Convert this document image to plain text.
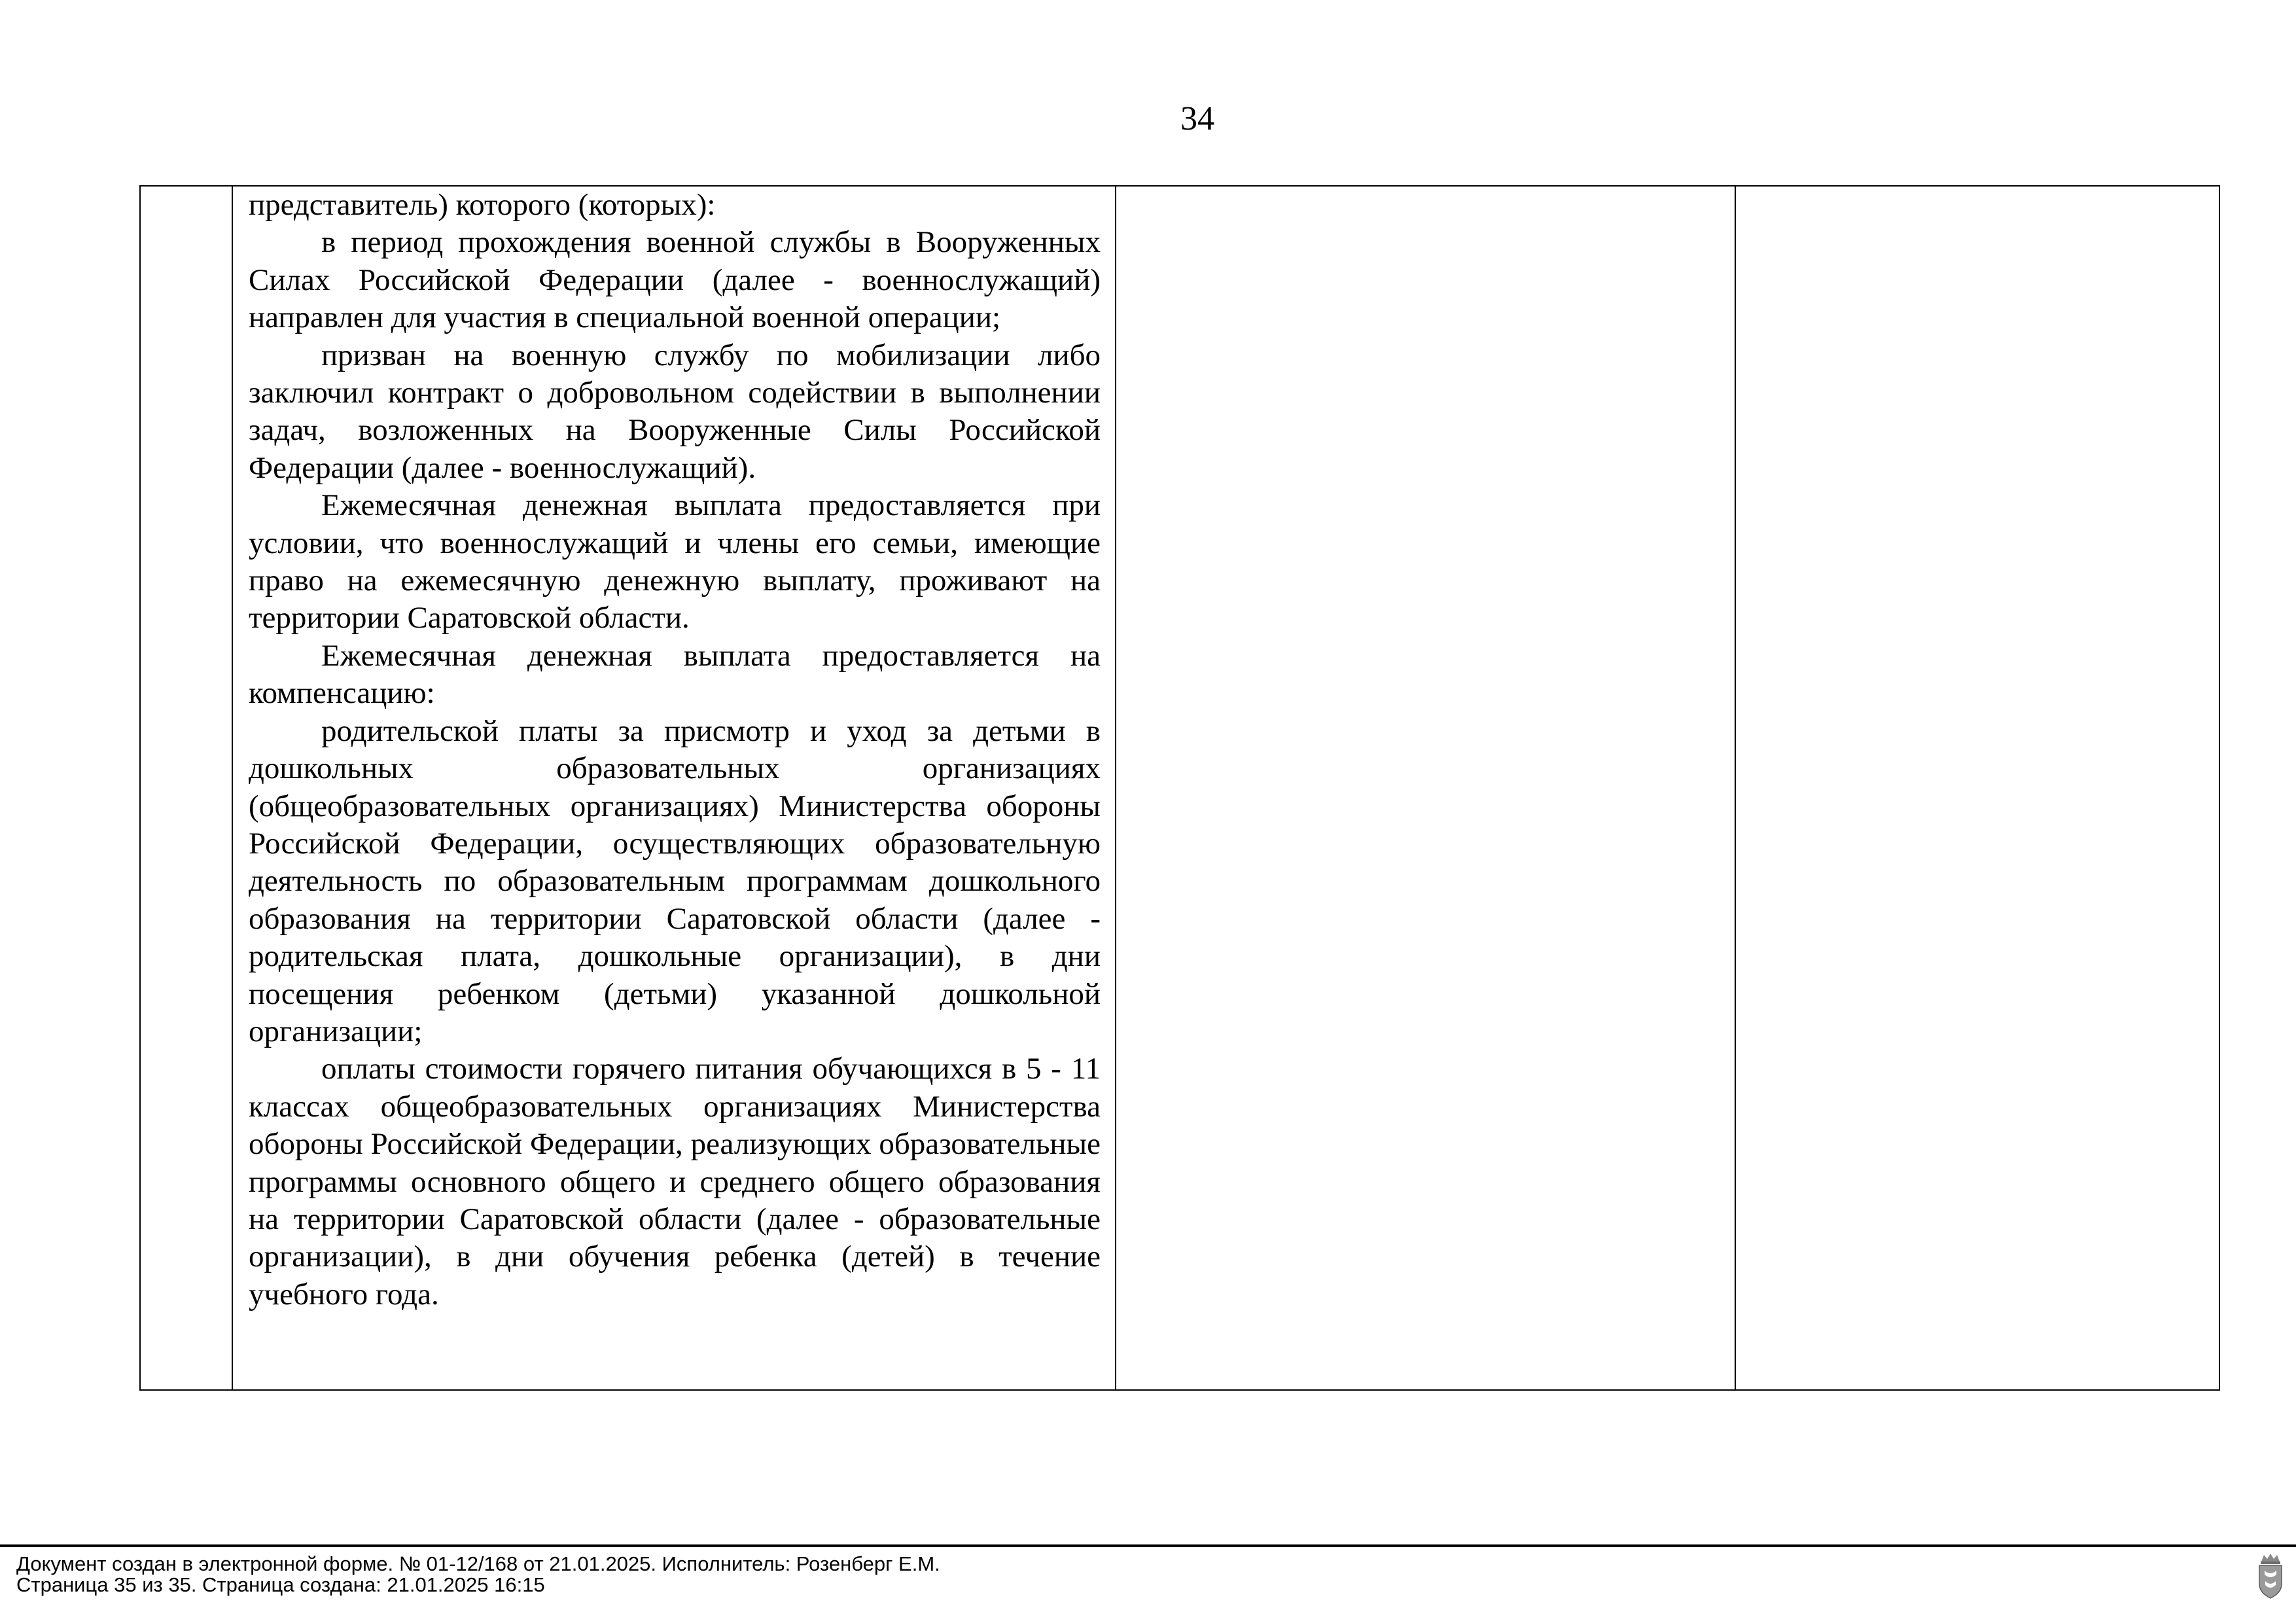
34

представитель) которого (которых):

в период прохождения военной службы в Вооруженных Силах Российской Федерации (далее - военнослужащий) направлен для участия в специальной военной операции;

призван на военную службу по мобилизации либо заключил контракт о добровольном содействии в выполнении задач, возложенных на Вооруженные Силы Российской Федерации (далее - военнослужащий).

Ежемесячная денежная выплата предоставляется при условии, что военнослужащий и члены его семьи, имеющие право на ежемесячную денежную выплату, проживают на территории Саратовской области.

Ежемесячная денежная выплата предоставляется на компенсацию:

родительской платы за присмотр и уход за детьми в дошкольных образовательных организациях (общеобразовательных организациях) Министерства обороны Российской Федерации, осуществляющих образовательную деятельность по образовательным программам дошкольного образования на территории Саратовской области (далее - родительская плата, дошкольные организации), в дни посещения ребенком (детьми) указанной дошкольной организации;

оплаты стоимости горячего питания обучающихся в 5 - 11 классах общеобразовательных организациях Министерства обороны Российской Федерации, реализующих образовательные программы основного общего и среднего общего образования на территории Саратовской области (далее - образовательные организации), в дни обучения ребенка (детей) в течение учебного года.

Документ создан в электронной форме. № 01-12/168 от 21.01.2025. Исполнитель: Розенберг Е.М.
Страница 35 из 35. Страница создана: 21.01.2025 16:15
